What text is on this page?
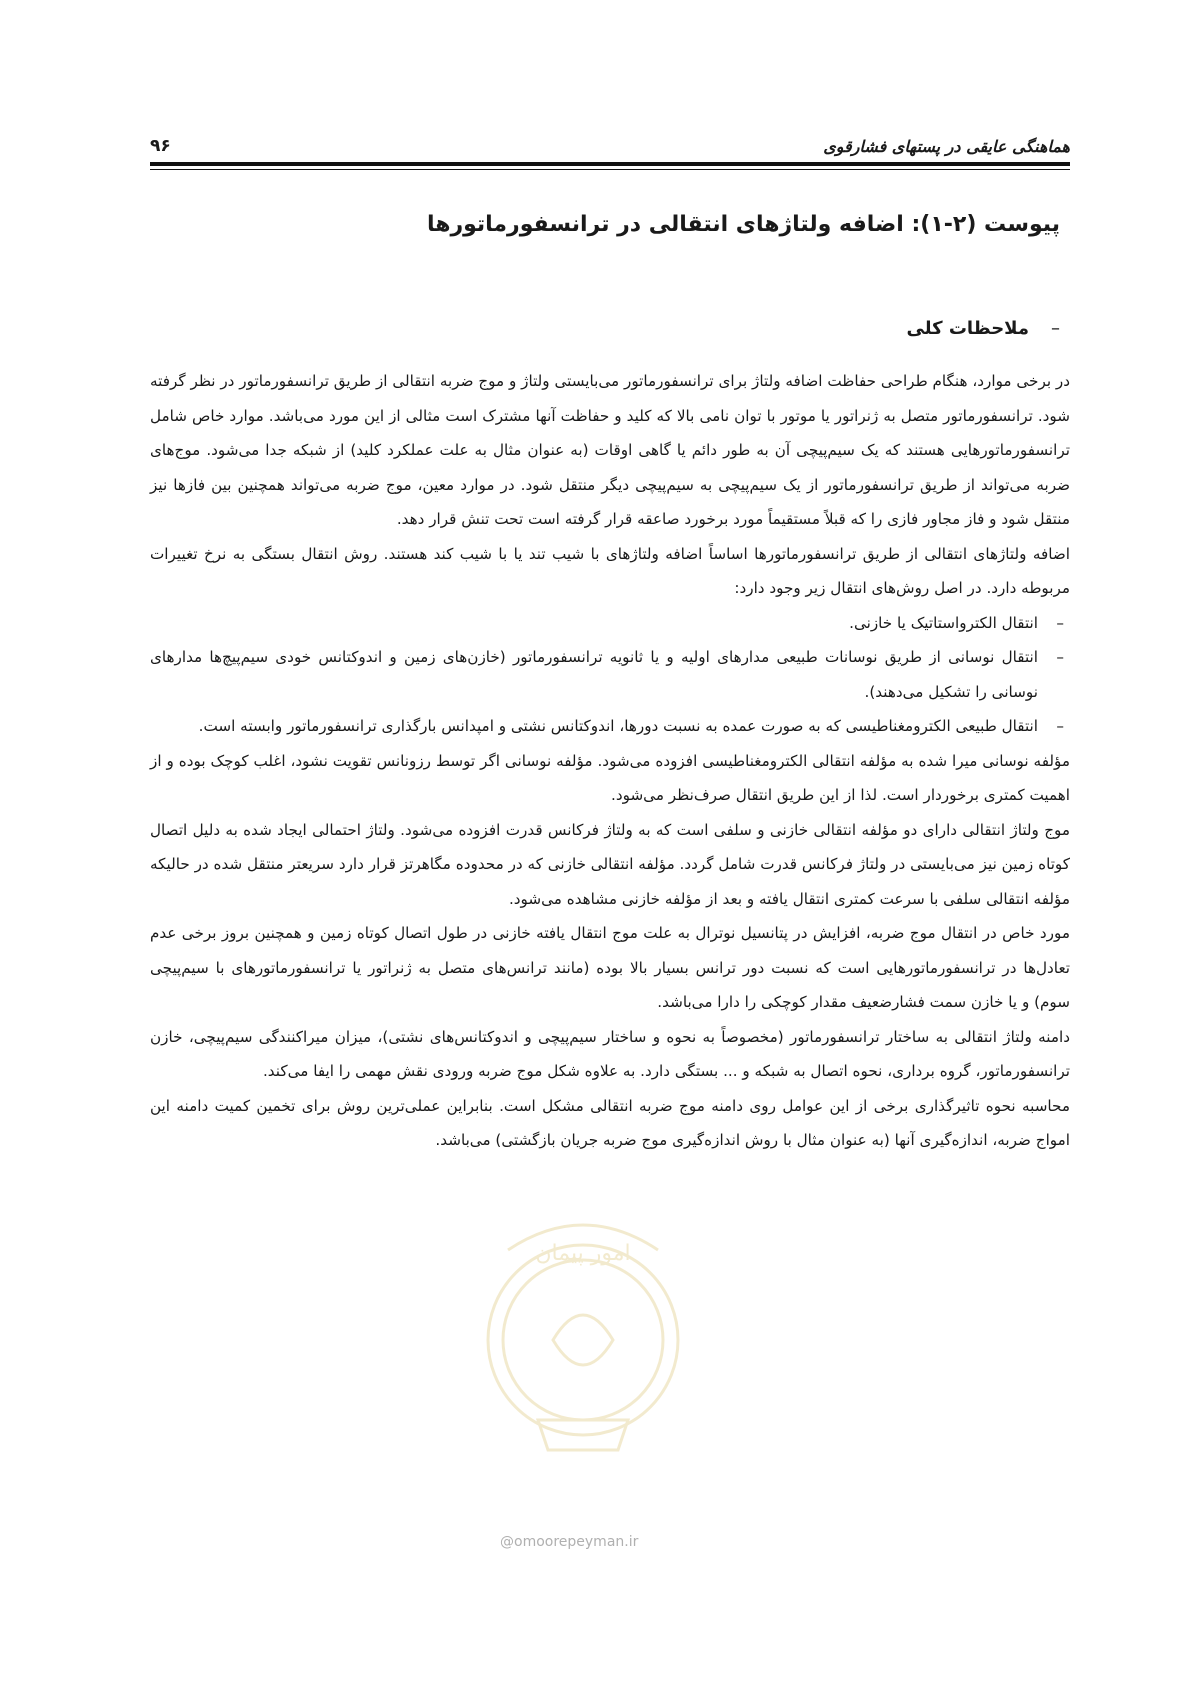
هماهنگی عایقی در پستهای فشارقوی
۹۶
پیوست (۲-۱): اضافه ولتاژهای انتقالی در ترانسفورماتورها
–
ملاحظات کلی

در برخی موارد، هنگام طراحی حفاظت اضافه ولتاژ برای ترانسفورماتور می‌بایستی ولتاژ و موج ضربه انتقالی از طریق ترانسفورماتور در نظر گرفته شود. ترانسفورماتور متصل به ژنراتور یا موتور با توان نامی بالا که کلید و حفاظت آنها مشترک است مثالی از این مورد می‌باشد. موارد خاص شامل ترانسفورماتورهایی هستند که یک سیم‌پیچی آن به طور دائم یا گاهی اوقات (به عنوان مثال به علت عملکرد کلید) از شبکه جدا می‌شود. موج‌های ضربه می‌تواند از طریق ترانسفورماتور از یک سیم‌پیچی به سیم‌پیچی دیگر منتقل شود. در موارد معین، موج ضربه می‌تواند همچنین بین فازها نیز منتقل شود و فاز مجاور فازی را که قبلاً مستقیماً مورد برخورد صاعقه قرار گرفته است تحت تنش قرار دهد.

اضافه ولتاژهای انتقالی از طریق ترانسفورماتورها اساساً اضافه ولتاژهای با شیب تند یا با شیب کند هستند. روش انتقال بستگی به نرخ تغییرات مربوطه دارد. در اصل روش‌های انتقال زیر وجود دارد:

–
انتقال الکترواستاتیک یا خازنی.
–
انتقال نوسانی از طریق نوسانات طبیعی مدارهای اولیه و یا ثانویه ترانسفورماتور (خازن‌های زمین و اندوکتانس خودی سیم‌پیچ‌ها مدارهای نوسانی را تشکیل می‌دهند).
–
انتقال طبیعی الکترومغناطیسی که به صورت عمده به نسبت دورها، اندوکتانس نشتی و امپدانس بارگذاری ترانسفورماتور وابسته است.

مؤلفه نوسانی میرا شده به مؤلفه انتقالی الکترومغناطیسی افزوده می‌شود. مؤلفه نوسانی اگر توسط رزونانس تقویت نشود، اغلب کوچک بوده و از اهمیت کمتری برخوردار است. لذا از این طریق انتقال صرف‌نظر می‌شود.

موج ولتاژ انتقالی دارای دو مؤلفه انتقالی خازنی و سلفی است که به ولتاژ فرکانس قدرت افزوده می‌شود. ولتاژ احتمالی ایجاد شده به دلیل اتصال کوتاه زمین نیز می‌بایستی در ولتاژ فرکانس قدرت شامل گردد. مؤلفه انتقالی خازنی که در محدوده مگاهرتز قرار دارد سریعتر منتقل شده در حالیکه مؤلفه انتقالی سلفی با سرعت کمتری انتقال یافته و بعد از مؤلفه خازنی مشاهده می‌شود.

مورد خاص در انتقال موج ضربه، افزایش در پتانسیل نوترال به علت موج انتقال یافته خازنی در طول اتصال کوتاه زمین و همچنین بروز برخی عدم تعادل‌ها در ترانسفورماتورهایی است که نسبت دور ترانس بسیار بالا بوده (مانند ترانس‌های متصل به ژنراتور یا ترانسفورماتورهای با سیم‌پیچی سوم) و یا خازن سمت فشارضعیف مقدار کوچکی را دارا می‌باشد.

دامنه ولتاژ انتقالی به ساختار ترانسفورماتور (مخصوصاً به نحوه و ساختار سیم‌پیچی و اندوکتانس‌های نشتی)، میزان میراکنندگی سیم‌پیچی، خازن ترانسفورماتور، گروه برداری، نحوه اتصال به شبکه و ... بستگی دارد. به علاوه شکل موج ضربه ورودی نقش مهمی را ایفا می‌کند.

محاسبه نحوه تاثیرگذاری برخی از این عوامل روی دامنه موج ضربه انتقالی مشکل است. بنابراین عملی‌ترین روش برای تخمین کمیت دامنه این امواج ضربه، اندازه‌گیری آنها (به عنوان مثال با روش اندازه‌گیری موج ضربه جریان بازگشتی) می‌باشد.

امور پیمان
@omoorepeyman.ir
